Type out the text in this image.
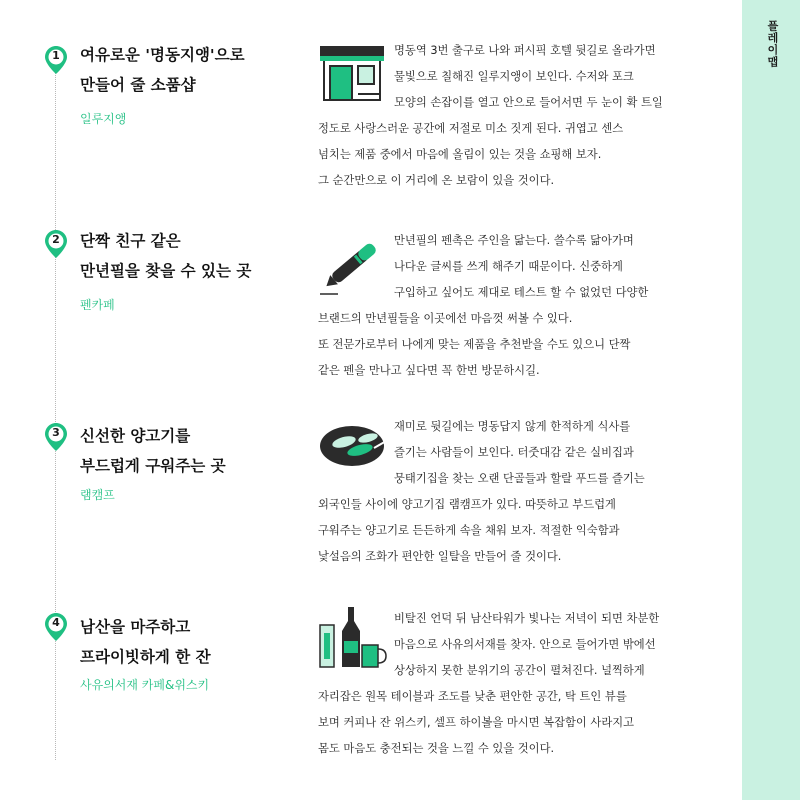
플레이맵
1	여유로운 '명동지앵'으로
만들어 줄 소품샵
일루지앵
명동역 3번 출구로 나와 퍼시픽 호텔 뒷길로 올라가면
물빛으로 칠해진 일루지앵이 보인다. 수저와 포크
모양의 손잡이를 열고 안으로 들어서면 두 눈이 확 트일
정도로 사랑스러운 공간에 저절로 미소 짓게 된다. 귀엽고 센스
넘치는 제품 중에서 마음에 올림이 있는 것을 쇼핑해 보자.
그 순간만으로 이 거리에 온 보람이 있을 것이다.
2	단짝 친구 같은
만년필을 찾을 수 있는 곳
펜카페
만년필의 펜촉은 주인을 닮는다. 쓸수록 닮아가며
나다운 글씨를 쓰게 해주기 때문이다. 신중하게
구입하고 싶어도 제대로 테스트 할 수 없었던 다양한
브랜드의 만년필들을 이곳에선 마음껏 써볼 수 있다.
또 전문가로부터 나에게 맞는 제품을 추천받을 수도 있으니 단짝
같은 펜을 만나고 싶다면 꼭 한번 방문하시길.
3	신선한 양고기를
부드럽게 구워주는 곳
램캠프
재미로 뒷길에는 명동답지 않게 한적하게 식사를
즐기는 사람들이 보인다. 터줏대감 같은 실비집과
뭉태기집을 찾는 오랜 단골들과 할랄 푸드를 즐기는
외국인들 사이에 양고기집 램캠프가 있다. 따뜻하고 부드럽게
구워주는 양고기로 든든하게 속을 채워 보자. 적절한 익숙함과
낯설음의 조화가 편안한 일탈을 만들어 줄 것이다.
4	남산을 마주하고
프라이빗하게 한 잔
사유의서재 카페&위스키
비탈진 언덕 뒤 남산타워가 빛나는 저녁이 되면 차분한
마음으로 사유의서재를 찾자. 안으로 들어가면 밖에선
상상하지 못한 분위기의 공간이 펼쳐진다. 널찍하게
자리잡은 원목 테이블과 조도를 낮춘 편안한 공간, 탁 트인 뷰를
보며 커피나 잔 위스키, 셀프 하이볼을 마시면 복잡함이 사라지고
몸도 마음도 충전되는 것을 느낄 수 있을 것이다.
